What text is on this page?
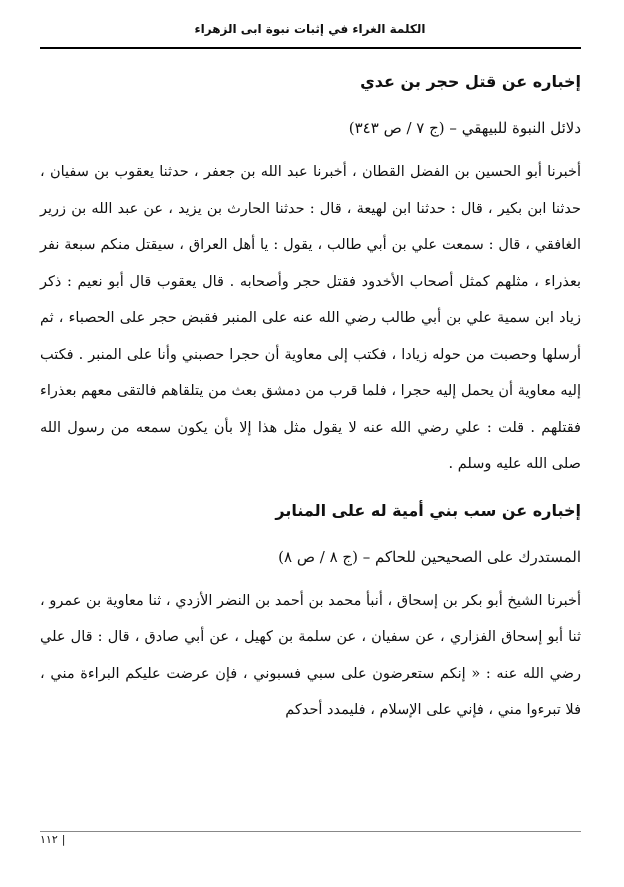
الكلمة الغراء في إثبات نبوة ابى الزهراء
إخباره عن قتل حجر بن عدي
دلائل النبوة للبيهقي – (ج ٧ / ص ٣٤٣)

أخبرنا أبو الحسين بن الفضل القطان ، أخبرنا عبد الله بن جعفر ، حدثنا يعقوب بن سفيان ، حدثنا ابن بكير ، قال : حدثنا ابن لهيعة ، قال : حدثنا الحارث بن يزيد ، عن عبد الله بن زرير الغافقي ، قال : سمعت علي بن أبي طالب ، يقول : يا أهل العراق ، سيقتل منكم سبعة نفر بعذراء ، مثلهم كمثل أصحاب الأخدود فقتل حجر وأصحابه . قال يعقوب قال أبو نعيم : ذكر زياد ابن سمية علي بن أبي طالب رضي الله عنه على المنبر فقبض حجر على الحصباء ، ثم أرسلها وحصبت من حوله زيادا ، فكتب إلى معاوية أن حجرا حصبني وأنا على المنبر . فكتب إليه معاوية أن يحمل إليه حجرا ، فلما قرب من دمشق بعث من يتلقاهم فالتقى معهم بعذراء فقتلهم . قلت : علي رضي الله عنه لا يقول مثل هذا إلا بأن يكون سمعه من رسول الله صلى الله عليه وسلم .

إخباره عن سب بني أمية له على المنابر
المستدرك على الصحيحين للحاكم – (ج ٨ / ص ٨)

أخبرنا الشيخ أبو بكر بن إسحاق ، أنبأ محمد بن أحمد بن النضر الأزدي ، ثنا معاوية بن عمرو ، ثنا أبو إسحاق الفزاري ، عن سفيان ، عن سلمة بن كهيل ، عن أبي صادق ، قال : قال علي رضي الله عنه : « إنكم ستعرضون على سبي فسبوني ، فإن عرضت عليكم البراءة مني ، فلا تبرءوا مني ، فإني على الإسلام ، فليمدد أحدكم

|١١٢
